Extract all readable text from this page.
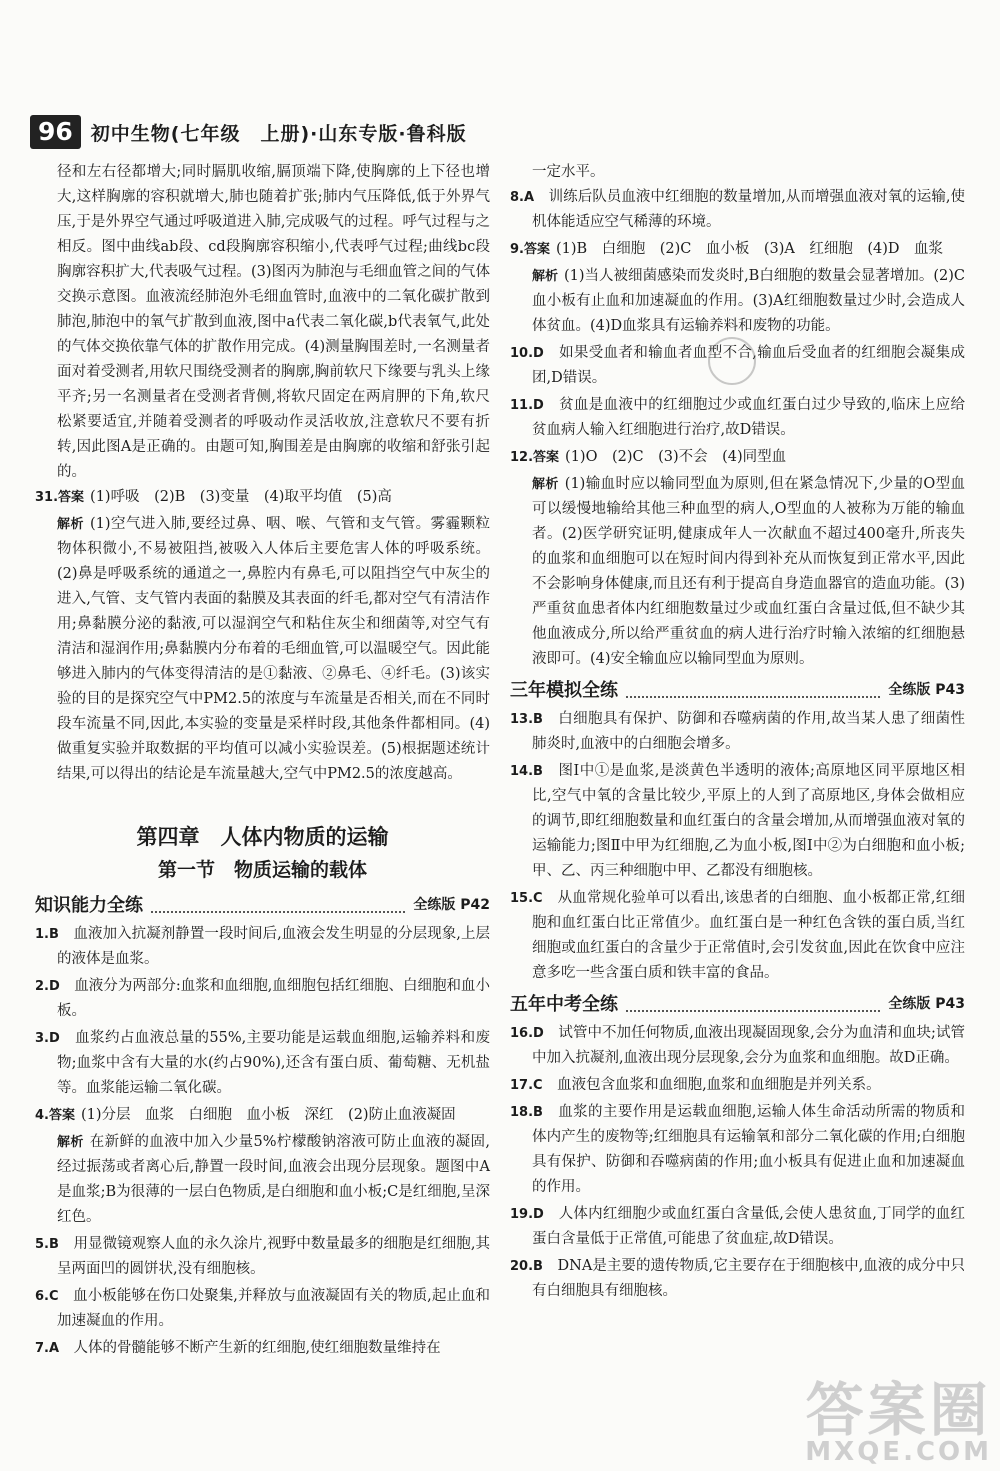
96 初中生物(七年级　上册)·山东专版·鲁科版

径和左右径都增大;同时膈肌收缩,膈顶端下降,使胸廓的上下径也增大,这样胸廓的容积就增大,肺也随着扩张;肺内气压降低,低于外界气压,于是外界空气通过呼吸道进入肺,完成吸气的过程。呼气过程与之相反。图中曲线ab段、cd段胸廓容积缩小,代表呼气过程;曲线bc段胸廓容积扩大,代表吸气过程。(3)图丙为肺泡与毛细血管之间的气体交换示意图。血液流经肺泡外毛细血管时,血液中的二氧化碳扩散到肺泡,肺泡中的氧气扩散到血液,图中a代表二氧化碳,b代表氧气,此处的气体交换依靠气体的扩散作用完成。(4)测量胸围差时,一名测量者面对着受测者,用软尺围绕受测者的胸廓,胸前软尺下缘要与乳头上缘平齐;另一名测量者在受测者背侧,将软尺固定在两肩胛的下角,软尺松紧要适宜,并随着受测者的呼吸动作灵活收放,注意软尺不要有折转,因此图A是正确的。由题可知,胸围差是由胸廓的收缩和舒张引起的。

31.答案 (1)呼吸　(2)B　(3)变量　(4)取平均值　(5)高

解析 (1)空气进入肺,要经过鼻、咽、喉、气管和支气管。雾霾颗粒物体积微小,不易被阻挡,被吸入人体后主要危害人体的呼吸系统。(2)鼻是呼吸系统的通道之一,鼻腔内有鼻毛,可以阻挡空气中灰尘的进入,气管、支气管内表面的黏膜及其表面的纤毛,都对空气有清洁作用;鼻黏膜分泌的黏液,可以湿润空气和粘住灰尘和细菌等,对空气有清洁和湿润作用;鼻黏膜内分布着的毛细血管,可以温暖空气。因此能够进入肺内的气体变得清洁的是①黏液、②鼻毛、④纤毛。(3)该实验的目的是探究空气中PM2.5的浓度与车流量是否相关,而在不同时段车流量不同,因此,本实验的变量是采样时段,其他条件都相同。(4)做重复实验并取数据的平均值可以减小实验误差。(5)根据题述统计结果,可以得出的结论是车流量越大,空气中PM2.5的浓度越高。

第四章　人体内物质的运输
第一节　物质运输的载体
知识能力全练	全练版 P42

1.B　 血液加入抗凝剂静置一段时间后,血液会发生明显的分层现象,上层的液体是血浆。

2.D　 血液分为两部分:血浆和血细胞,血细胞包括红细胞、白细胞和血小板。

3.D　 血浆约占血液总量的55%,主要功能是运载血细胞,运输养料和废物;血浆中含有大量的水(约占90%),还含有蛋白质、葡萄糖、无机盐等。血浆能运输二氧化碳。

4.答案 (1)分层　血浆　白细胞　血小板　深红　(2)防止血液凝固

解析 在新鲜的血液中加入少量5%柠檬酸钠溶液可防止血液的凝固,经过振荡或者离心后,静置一段时间,血液会出现分层现象。题图中A是血浆;B为很薄的一层白色物质,是白细胞和血小板;C是红细胞,呈深红色。

5.B　 用显微镜观察人血的永久涂片,视野中数量最多的细胞是红细胞,其呈两面凹的圆饼状,没有细胞核。

6.C　 血小板能够在伤口处聚集,并释放与血液凝固有关的物质,起止血和加速凝血的作用。

7.A　 人体的骨髓能够不断产生新的红细胞,使红细胞数量维持在

一定水平。

8.A　 训练后队员血液中红细胞的数量增加,从而增强血液对氧的运输,使机体能适应空气稀薄的环境。

9.答案 (1)B　白细胞　(2)C　血小板　(3)A　红细胞　(4)D　血浆

解析 (1)当人被细菌感染而发炎时,B白细胞的数量会显著增加。(2)C血小板有止血和加速凝血的作用。(3)A红细胞数量过少时,会造成人体贫血。(4)D血浆具有运输养料和废物的功能。

10.D　 如果受血者和输血者血型不合,输血后受血者的红细胞会凝集成团,D错误。

11.D　 贫血是血液中的红细胞过少或血红蛋白过少导致的,临床上应给贫血病人输入红细胞进行治疗,故D错误。

12.答案 (1)O　(2)C　(3)不会　(4)同型血

解析 (1)输血时应以输同型血为原则,但在紧急情况下,少量的O型血可以缓慢地输给其他三种血型的病人,O型血的人被称为万能的输血者。(2)医学研究证明,健康成年人一次献血不超过400毫升,所丧失的血浆和血细胞可以在短时间内得到补充从而恢复到正常水平,因此不会影响身体健康,而且还有利于提高自身造血器官的造血功能。(3)严重贫血患者体内红细胞数量过少或血红蛋白含量过低,但不缺少其他血液成分,所以给严重贫血的病人进行治疗时输入浓缩的红细胞悬液即可。(4)安全输血应以输同型血为原则。

三年模拟全练	全练版 P43

13.B　 白细胞具有保护、防御和吞噬病菌的作用,故当某人患了细菌性肺炎时,血液中的白细胞会增多。

14.B　 图Ⅰ中①是血浆,是淡黄色半透明的液体;高原地区同平原地区相比,空气中氧的含量比较少,平原上的人到了高原地区,身体会做相应的调节,即红细胞数量和血红蛋白的含量会增加,从而增强血液对氧的运输能力;图Ⅱ中甲为红细胞,乙为血小板,图Ⅰ中②为白细胞和血小板;甲、乙、丙三种细胞中甲、乙都没有细胞核。

15.C　 从血常规化验单可以看出,该患者的白细胞、血小板都正常,红细胞和血红蛋白比正常值少。血红蛋白是一种红色含铁的蛋白质,当红细胞或血红蛋白的含量少于正常值时,会引发贫血,因此在饮食中应注意多吃一些含蛋白质和铁丰富的食品。

五年中考全练	全练版 P43

16.D　 试管中不加任何物质,血液出现凝固现象,会分为血清和血块;试管中加入抗凝剂,血液出现分层现象,会分为血浆和血细胞。故D正确。

17.C　 血液包含血浆和血细胞,血浆和血细胞是并列关系。

18.B　 血浆的主要作用是运载血细胞,运输人体生命活动所需的物质和体内产生的废物等;红细胞具有运输氧和部分二氧化碳的作用;白细胞具有保护、防御和吞噬病菌的作用;血小板具有促进止血和加速凝血的作用。

19.D　 人体内红细胞少或血红蛋白含量低,会使人患贫血,丁同学的血红蛋白含量低于正常值,可能患了贫血症,故D错误。

20.B　 DNA是主要的遗传物质,它主要存在于细胞核中,血液的成分中只有白细胞具有细胞核。

答案圈
MXQE.COM
